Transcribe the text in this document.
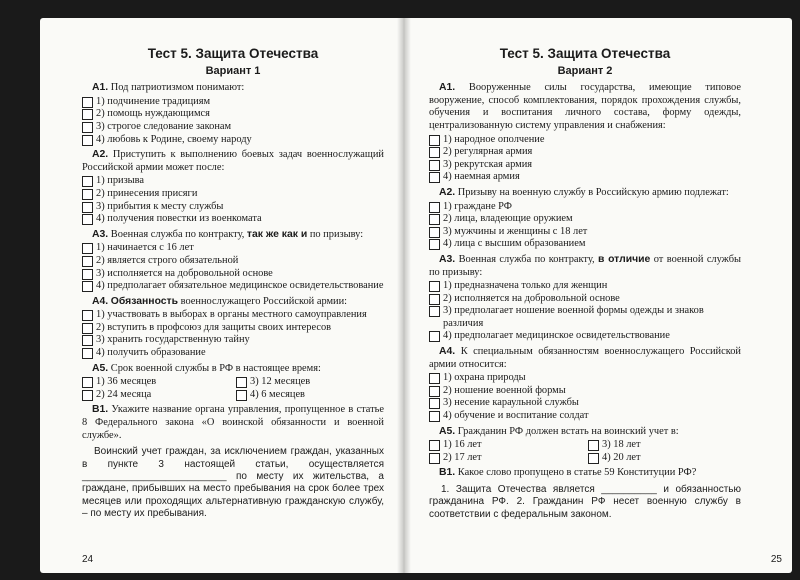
Тест 5. Защита Отечества
Вариант 1
А1. Под патриотизмом понимают:
1) подчинение традициям
2) помощь нуждающимся
3) строгое следование законам
4) любовь к Родине, своему народу
А2. Приступить к выполнению боевых задач военнослужащий Российской армии может после:
1) призыва
2) принесения присяги
3) прибытия к месту службы
4) получения повестки из военкомата
А3. Военная служба по контракту, так же как и по призыву:
1) начинается с 16 лет
2) является строго обязательной
3) исполняется на добровольной основе
4) предполагает обязательное медицинское освидетельствование
А4. Обязанность военнослужащего Российской армии:
1) участвовать в выборах в органы местного самоуправления
2) вступить в профсоюз для защиты своих интересов
3) хранить государственную тайну
4) получить образование
А5. Срок военной службы в РФ в настоящее время:
1) 36 месяцев	3) 12 месяцев
2) 24 месяца	4) 6 месяцев
В1. Укажите название органа управления, пропущенное в статье 8 Федерального закона «О воинской обязанности и военной службе».
Воинский учет граждан, за исключением граждан, указанных в пункте 3 настоящей статьи, осуществляется __________________________ по месту их жительства, а граждане, прибывших на место пребывания на срок более трех месяцев или проходящих альтернативную гражданскую службу, – по месту их пребывания.
24
Тест 5. Защита Отечества
Вариант 2
А1. Вооруженные силы государства, имеющие типовое вооружение, способ комплектования, порядок прохождения службы, обучения и воспитания личного состава, форму одежды, централизованную систему управления и снабжения:
1) народное ополчение
2) регулярная армия
3) рекрутская армия
4) наемная армия
А2. Призыву на военную службу в Российскую армию подлежат:
1) граждане РФ
2) лица, владеющие оружием
3) мужчины и женщины с 18 лет
4) лица с высшим образованием
А3. Военная служба по контракту, в отличие от военной службы по призыву:
1) предназначена только для женщин
2) исполняется на добровольной основе
3) предполагает ношение военной формы одежды и знаков различия
4) предполагает медицинское освидетельствование
А4. К специальным обязанностям военнослужащего Российской армии относится:
1) охрана природы
2) ношение военной формы
3) несение караульной службы
4) обучение и воспитание солдат
А5. Гражданин РФ должен встать на воинский учет в:
1) 16 лет	3) 18 лет
2) 17 лет	4) 20 лет
В1. Какое слово пропущено в статье 59 Конституции РФ?
1. Защита Отечества является __________ и обязанностью гражданина РФ. 2. Гражданин РФ несет военную службу в соответствии с федеральным законом.
25
